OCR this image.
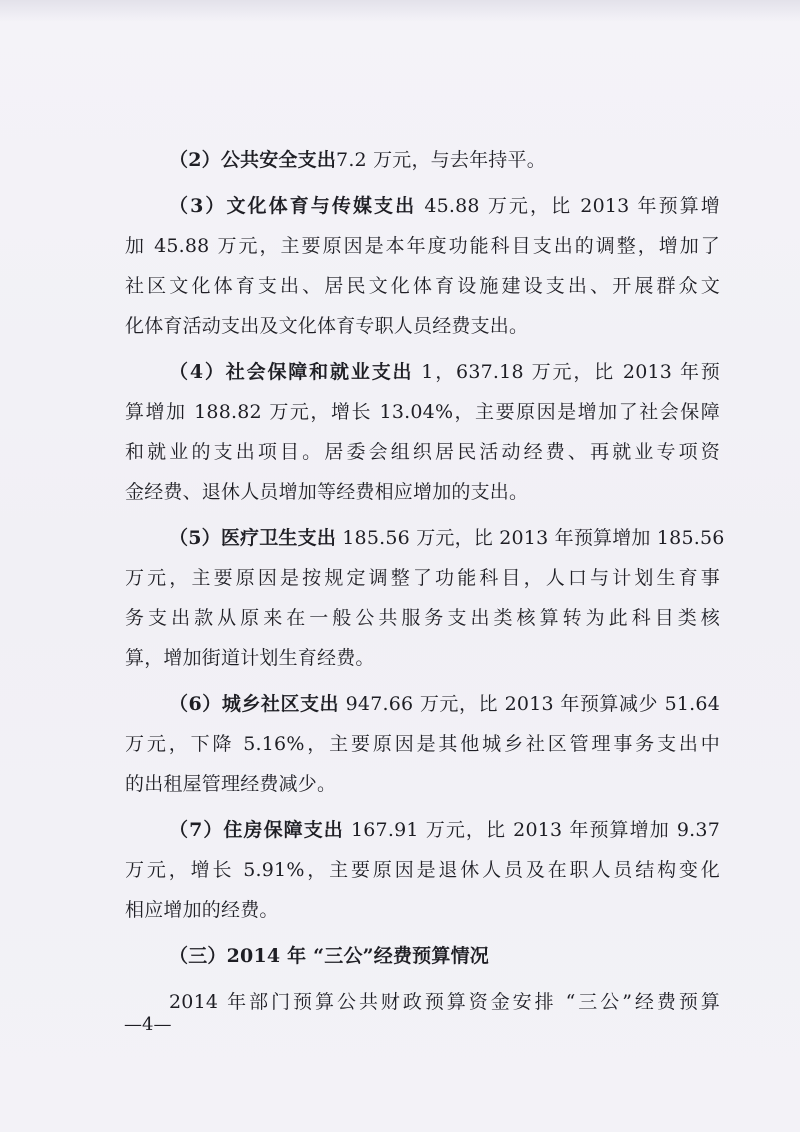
（2）公共安全支出7.2 万元，与去年持平。
（3）文化体育与传媒支出 45.88 万元，比 2013 年预算增
加 45.88 万元，主要原因是本年度功能科目支出的调整，增加了
社区文化体育支出、居民文化体育设施建设支出、开展群众文
化体育活动支出及文化体育专职人员经费支出。
（4）社会保障和就业支出 1，637.18 万元，比 2013 年预
算增加 188.82 万元，增长 13.04%，主要原因是增加了社会保障
和就业的支出项目。居委会组织居民活动经费、再就业专项资
金经费、退休人员增加等经费相应增加的支出。
（5）医疗卫生支出 185.56 万元，比 2013 年预算增加 185.56
万元，主要原因是按规定调整了功能科目，人口与计划生育事
务支出款从原来在一般公共服务支出类核算转为此科目类核
算，增加街道计划生育经费。
（6）城乡社区支出 947.66 万元，比 2013 年预算减少 51.64
万元，下降 5.16%，主要原因是其他城乡社区管理事务支出中
的出租屋管理经费减少。
（7）住房保障支出 167.91 万元，比 2013 年预算增加 9.37
万元，增长 5.91%，主要原因是退休人员及在职人员结构变化
相应增加的经费。
（三）2014 年 “三公”经费预算情况
2014 年部门预算公共财政预算资金安排 “三公”经费预算
—4—
